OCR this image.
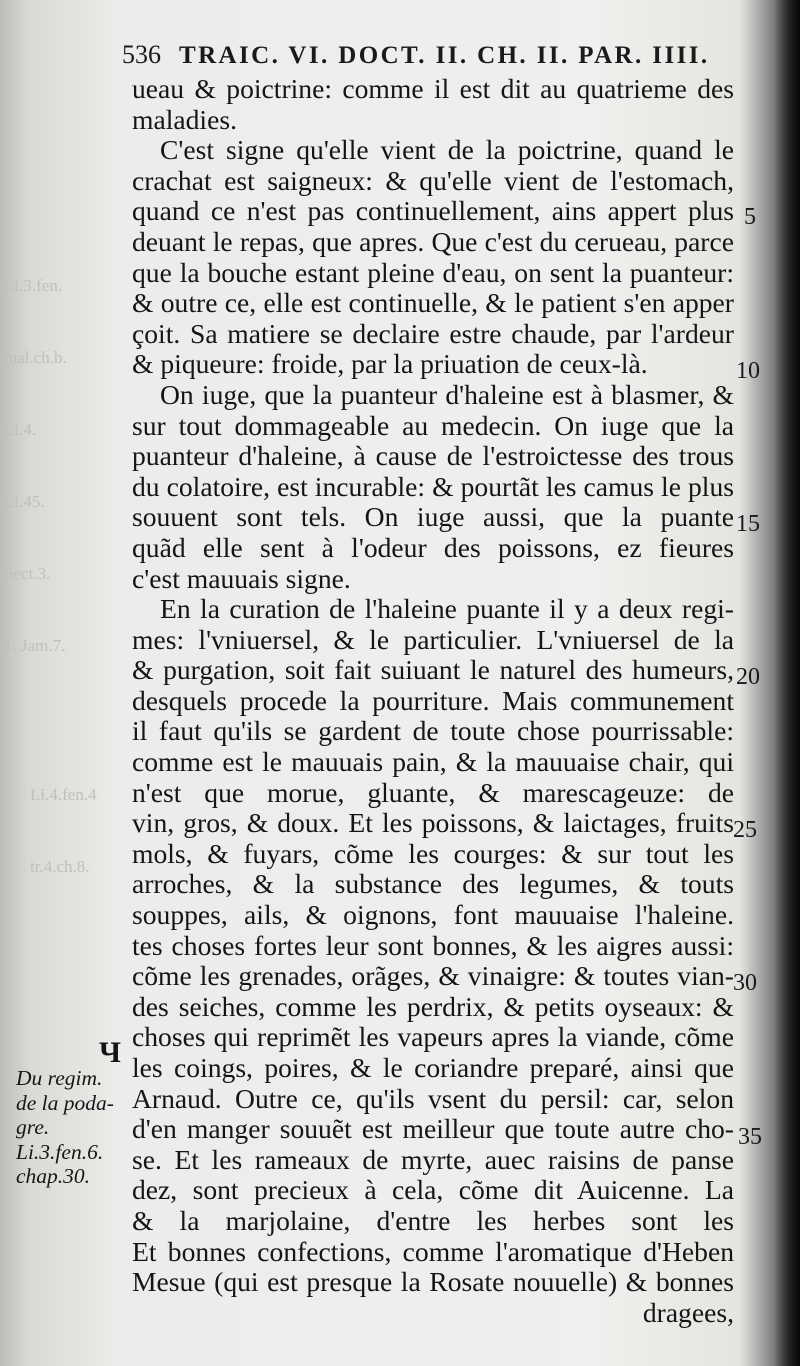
Li.3.fen.

mal.ch.b.

Li.4.

Li.45.

Sect.3.

1. Jam.7.

Li.4.fen.4

tr.4.ch.8.

536 TRAIC. VI. DOCT. II. CH. II. PAR. IIII.
ueau & poictrine: comme il est dit au quatrieme des
maladies.
C'est signe qu'elle vient de la poictrine, quand le
crachat est saigneux: & qu'elle vient de l'estomach,
quand ce n'est pas continuellement, ains appert plus
deuant le repas, que apres. Que c'est du cerueau, parce
que la bouche estant pleine d'eau, on sent la puanteur:
& outre ce, elle est continuelle, & le patient s'en apper
çoit. Sa matiere se declaire estre chaude, par l'ardeur
& piqueure: froide, par la priuation de ceux-là.
On iuge, que la puanteur d'haleine est à blasmer, &
sur tout dommageable au medecin. On iuge que la
puanteur d'haleine, à cause de l'estroictesse des trous
du colatoire, est incurable: & pourtãt les camus le plus
souuent sont tels. On iuge aussi, que la puante
quãd elle sent à l'odeur des poissons, ez fieures
c'est mauuais signe.
En la curation de l'haleine puante il y a deux regi-
mes: l'vniuersel, & le particulier. L'vniuersel de la
& purgation, soit fait suiuant le naturel des humeurs,
desquels procede la pourriture. Mais communement
il faut qu'ils se gardent de toute chose pourrissable:
comme est le mauuais pain, & la mauuaise chair, qui
n'est que morue, gluante, & marescageuze: de
vin, gros, & doux. Et les poissons, & laictages, fruits
mols, & fuyars, cõme les courges: & sur tout les
arroches, & la substance des legumes, & touts
souppes, ails, & oignons, font mauuaise l'haleine.
tes choses fortes leur sont bonnes, & les aigres aussi:
cõme les grenades, orãges, & vinaigre: & toutes vian-
des seiches, comme les perdrix, & petits oyseaux: &
choses qui reprimẽt les vapeurs apres la viande, cõme
les coings, poires, & le coriandre preparé, ainsi que
Arnaud. Outre ce, qu'ils vsent du persil: car, selon
d'en manger souuẽt est meilleur que toute autre cho-
se. Et les rameaux de myrte, auec raisins de panse
dez, sont precieux à cela, cõme dit Auicenne. La
& la marjolaine, d'entre les herbes sont les
Et bonnes confections, comme l'aromatique d'Heben
Mesue (qui est presque la Rosate nouuelle) & bonnes
dragees,
5
10
15
20
25
30
35
Ч
Du regim.
de la poda-
gre.
Li.3.fen.6.
chap.30.
